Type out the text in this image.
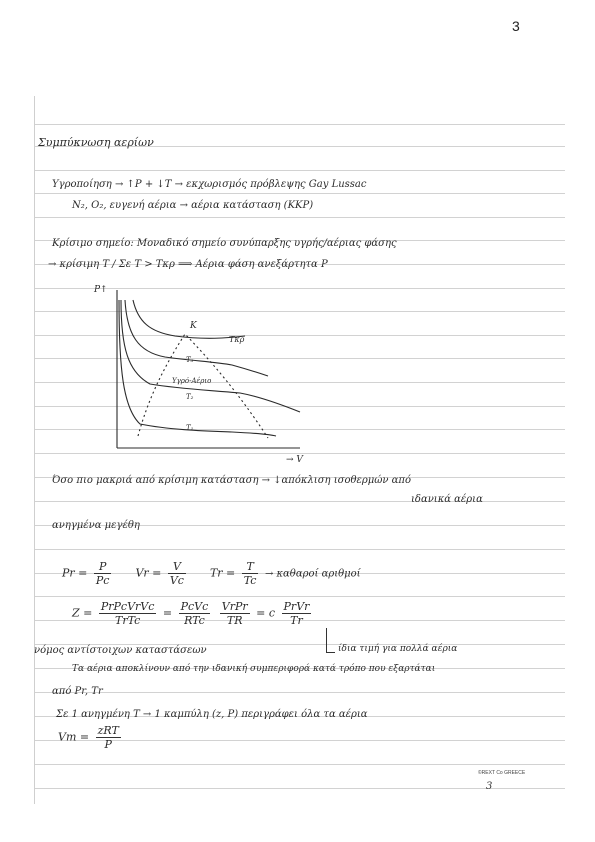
3
Συμπύκνωση αερίων
Υγροποίηση → ↑P + ↓T → εκχωρισμός πρόβλεψης Gay Lussac
N₂, O₂, ευγενή αέρια → αέρια κατάσταση (ΚΚΡ)
Κρίσιμο σημείο: Μοναδικό σημείο συνύπαρξης υγρής/αέριας φάσης
→ κρίσιμη T / Σε T > Tκρ ⟹ Αέρια φάση ανεξάρτητα P
P↑
→ V
K
Tκρ
T₃
Υγρό-Αέριο
T₂
T₁
Όσο πιο μακριά από κρίσιμη κατάσταση → ↓απόκλιση ισοθερμών από
ιδανικά αέρια
ανηγμένα μεγέθη
$Pr = \frac{P}{Pc}$ $Vr = \frac{V}{Vc}$ $Tr = \frac{T}{Tc} \to \kappa\alpha\theta\alpha\rho oί$ αριθμοί
$Z = \frac{\text{PrPcVrVc}}{\text{TrTc}} = \frac{\text{PcVc}}{\text{RTc}}$
$\frac{\text{VrPr}}{TR} = c \frac{\text{PrVr}}{Tr}$
ίδια τιμή για πολλά αέρια
νόμος αντίστοιχων καταστάσεων
Τα αέρια αποκλίνουν από την ιδανική συμπεριφορά κατά τρόπο που εξαρτάται
από Pr, Tr
Σε 1 ανηγμένη T → 1 καμπύλη (z, P) περιγράφει όλα τα αέρια
$Vm = \frac{\text{zRT}}{P}$
©REXT Co GREECE
3
